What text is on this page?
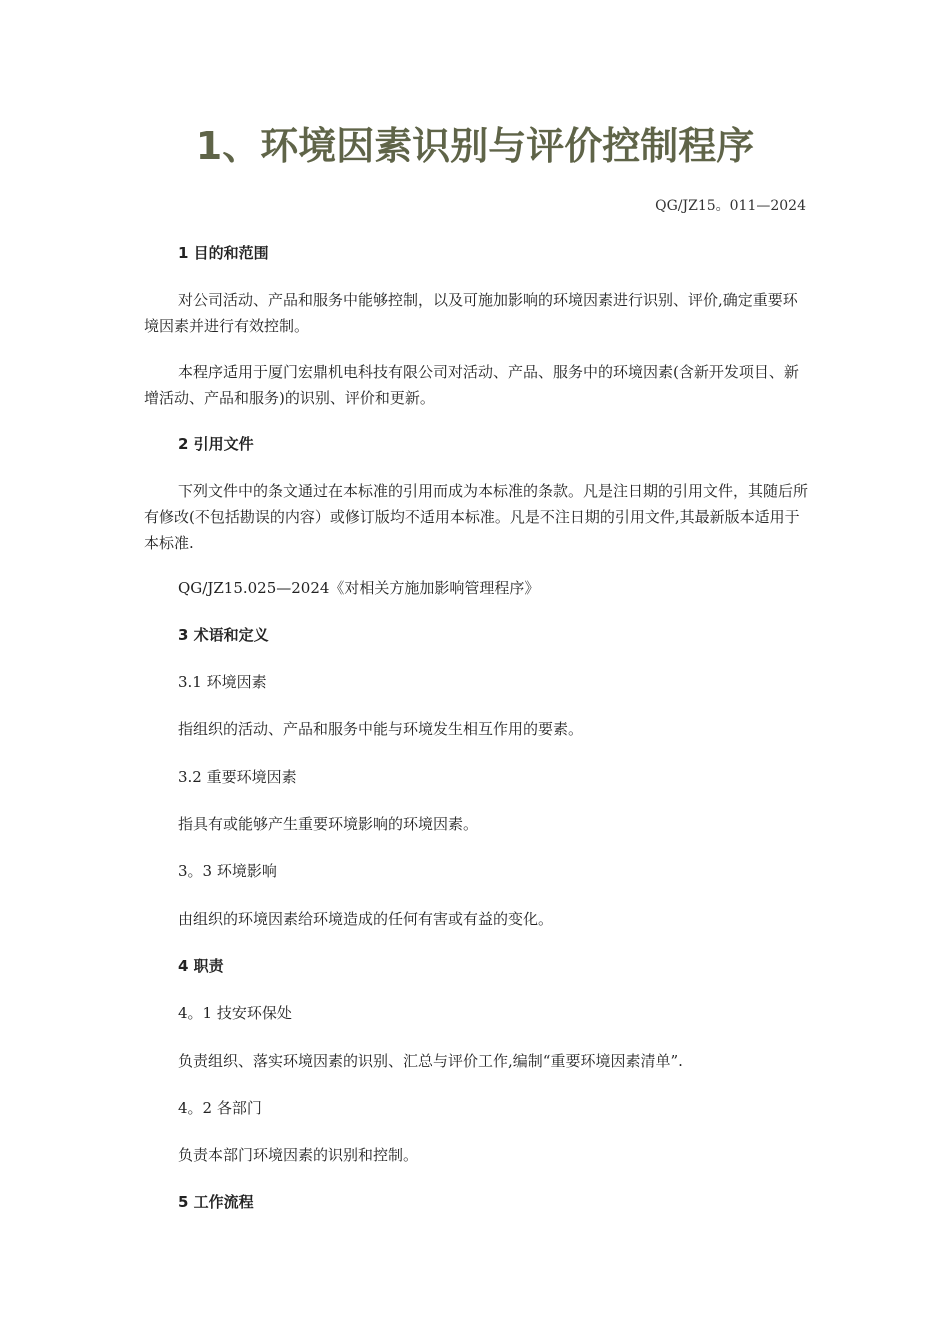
1、环境因素识别与评价控制程序
QG/JZ15。011—2024
1 目的和范围

对公司活动、产品和服务中能够控制，以及可施加影响的环境因素进行识别、评价,确定重要环境因素并进行有效控制。

本程序适用于厦门宏鼎机电科技有限公司对活动、产品、服务中的环境因素(含新开发项目、新增活动、产品和服务)的识别、评价和更新。

2 引用文件

下列文件中的条文通过在本标准的引用而成为本标准的条款。凡是注日期的引用文件，其随后所有修改(不包括勘误的内容）或修订版均不适用本标准。凡是不注日期的引用文件,其最新版本适用于本标准.

QG/JZ15.025—2024《对相关方施加影响管理程序》
3 术语和定义
3.1 环境因素
指组织的活动、产品和服务中能与环境发生相互作用的要素。
3.2 重要环境因素
指具有或能够产生重要环境影响的环境因素。
3。3 环境影响
由组织的环境因素给环境造成的任何有害或有益的变化。
4 职责
4。1 技安环保处
负责组织、落实环境因素的识别、汇总与评价工作,编制“重要环境因素清单”.
4。2 各部门
负责本部门环境因素的识别和控制。
5 工作流程
